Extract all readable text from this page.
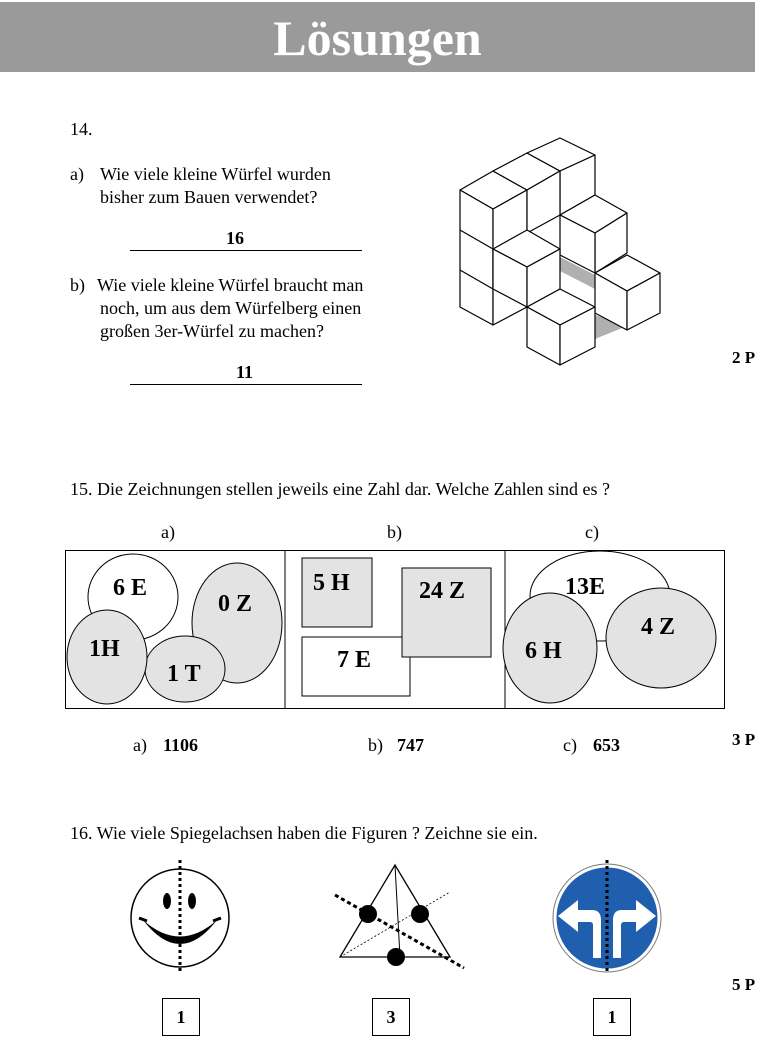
Lösungen
14.
a) Wie viele kleine Würfel wurden
bisher zum Bauen verwendet?
16
b) Wie viele kleine Würfel braucht man
noch, um aus dem Würfelberg einen
großen 3er-Würfel zu machen?
11
2 P
15. Die Zeichnungen stellen jeweils eine Zahl dar. Welche Zahlen sind es ?
a)	b)	c)
6 E
0 Z
1H
1 T
5 H	24 Z
7 E
13E
4 Z
6 H
a) 1106	b) 747	c) 653	3 P
16. Wie viele Spiegelachsen haben die Figuren ? Zeichne sie ein.
1	3	1
5 P
